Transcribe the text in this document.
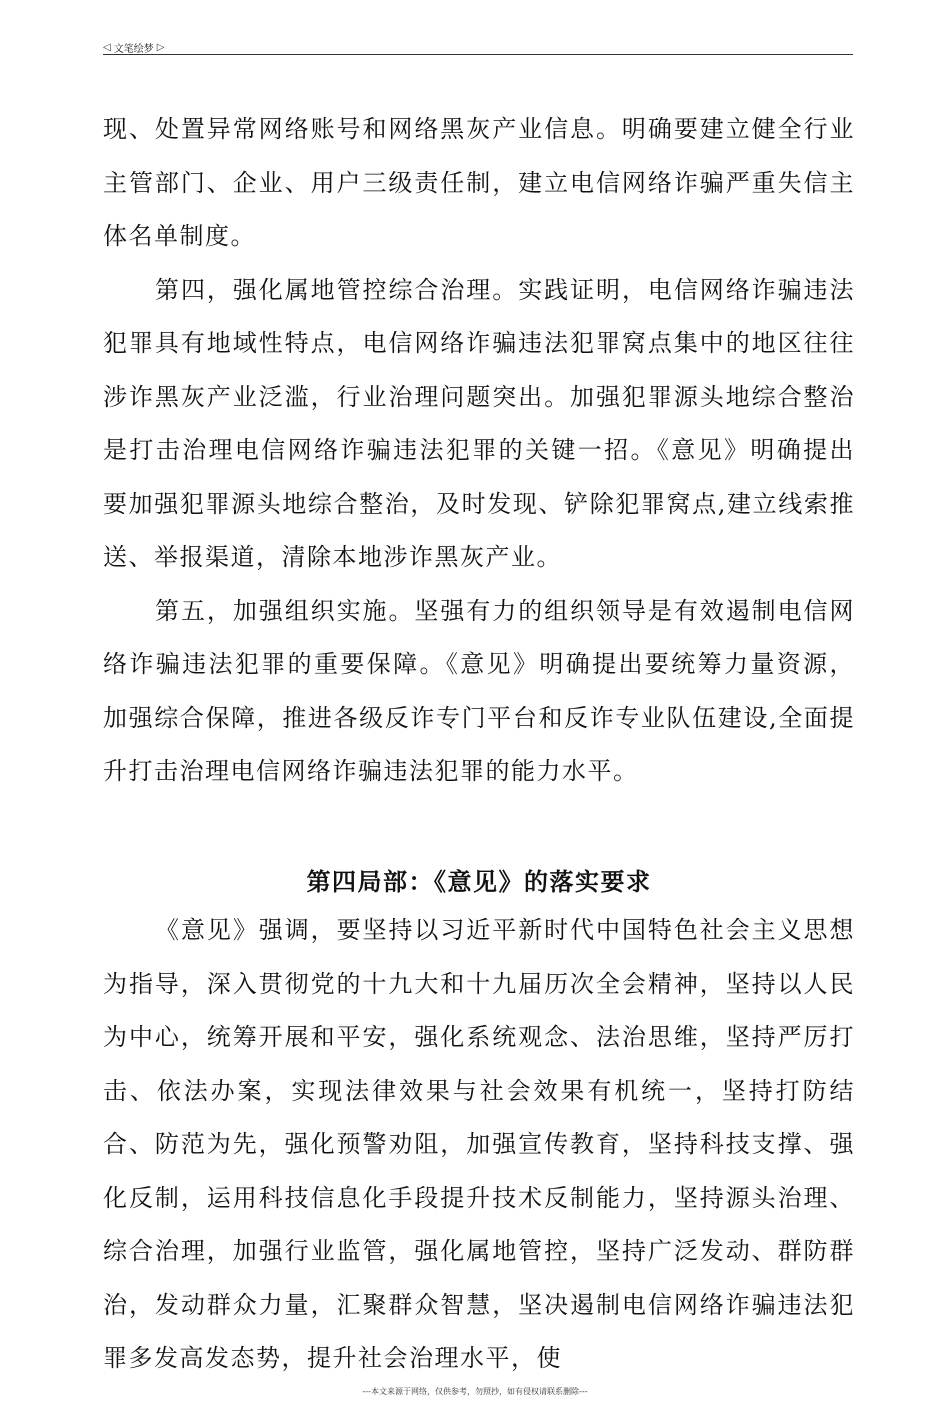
◁ 文笔绘梦 ▷

现、处置异常网络账号和网络黑灰产业信息。明确要建立健全行业主管部门、企业、用户三级责任制，建立电信网络诈骗严重失信主体名单制度。

第四，强化属地管控综合治理。实践证明，电信网络诈骗违法犯罪具有地域性特点，电信网络诈骗违法犯罪窝点集中的地区往往涉诈黑灰产业泛滥，行业治理问题突出。加强犯罪源头地综合整治是打击治理电信网络诈骗违法犯罪的关键一招。《意见》明确提出要加强犯罪源头地综合整治，及时发现、铲除犯罪窝点,建立线索推送、举报渠道，清除本地涉诈黑灰产业。

第五，加强组织实施。坚强有力的组织领导是有效遏制电信网络诈骗违法犯罪的重要保障。《意见》明确提出要统筹力量资源，加强综合保障，推进各级反诈专门平台和反诈专业队伍建设,全面提升打击治理电信网络诈骗违法犯罪的能力水平。

第四局部：《意见》的落实要求

《意见》强调，要坚持以习近平新时代中国特色社会主义思想为指导，深入贯彻党的十九大和十九届历次全会精神，坚持以人民为中心，统筹开展和平安，强化系统观念、法治思维，坚持严厉打击、依法办案，实现法律效果与社会效果有机统一，坚持打防结合、防范为先，强化预警劝阻，加强宣传教育，坚持科技支撑、强化反制，运用科技信息化手段提升技术反制能力，坚持源头治理、综合治理，加强行业监管，强化属地管控，坚持广泛发动、群防群治，发动群众力量，汇聚群众智慧，坚决遏制电信网络诈骗违法犯罪多发高发态势，提升社会治理水平，使

---本文来源于网络，仅供参考，勿照抄，如有侵权请联系删除---
